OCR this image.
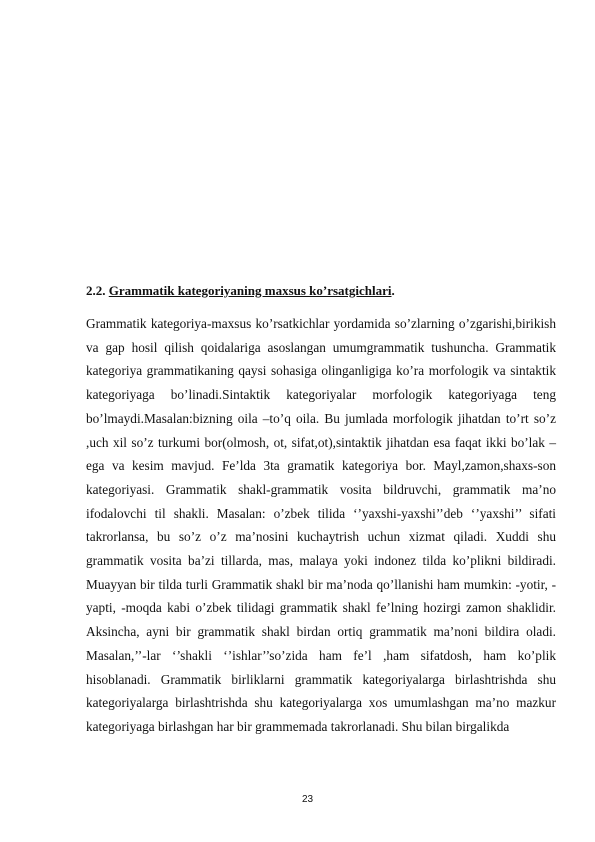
2.2. Grammatik kategoriyaning maxsus ko’rsatgichlari.

Grammatik kategoriya-maxsus ko’rsatkichlar yordamida so’zlarning o’zgarishi,birikish va gap hosil qilish qoidalariga asoslangan umumgrammatik tushuncha. Grammatik kategoriya grammatikaning qaysi sohasiga olinganligiga ko’ra morfologik va sintaktik kategoriyaga bo’linadi.Sintaktik kategoriyalar morfologik kategoriyaga teng bo’lmaydi.Masalan:bizning oila –to’q oila. Bu jumlada morfologik jihatdan to’rt so’z ,uch xil so’z turkumi bor(olmosh, ot, sifat,ot),sintaktik jihatdan esa faqat ikki bo’lak –ega va kesim mavjud. Fe’lda 3ta gramatik kategoriya bor. Mayl,zamon,shaxs-son kategoriyasi. Grammatik shakl-grammatik vosita bildruvchi, grammatik ma’no ifodalovchi til shakli. Masalan: o’zbek tilida ‘’yaxshi-yaxshi’’deb ‘’yaxshi’’ sifati takrorlansa, bu so’z o’z ma’nosini kuchaytrish uchun xizmat qiladi. Xuddi shu grammatik vosita ba’zi tillarda, mas, malaya yoki indonez tilda ko’plikni bildiradi. Muayyan bir tilda turli Grammatik shakl bir ma’noda qo’llanishi ham mumkin: -yotir, -yapti, -moqda kabi o’zbek tilidagi grammatik shakl fe’lning hozirgi zamon shaklidir. Aksincha, ayni bir grammatik shakl birdan ortiq grammatik ma’noni bildira oladi. Masalan,’’-lar ‘’shakli ‘’ishlar’’so’zida ham fe’l ,ham sifatdosh, ham ko’plik hisoblanadi. Grammatik birliklarni grammatik kategoriyalarga birlashtrishda shu kategoriyalarga birlashtrishda shu kategoriyalarga xos umumlashgan ma’no mazkur kategoriyaga birlashgan har bir grammemada takrorlanadi. Shu bilan birgalikda

23
